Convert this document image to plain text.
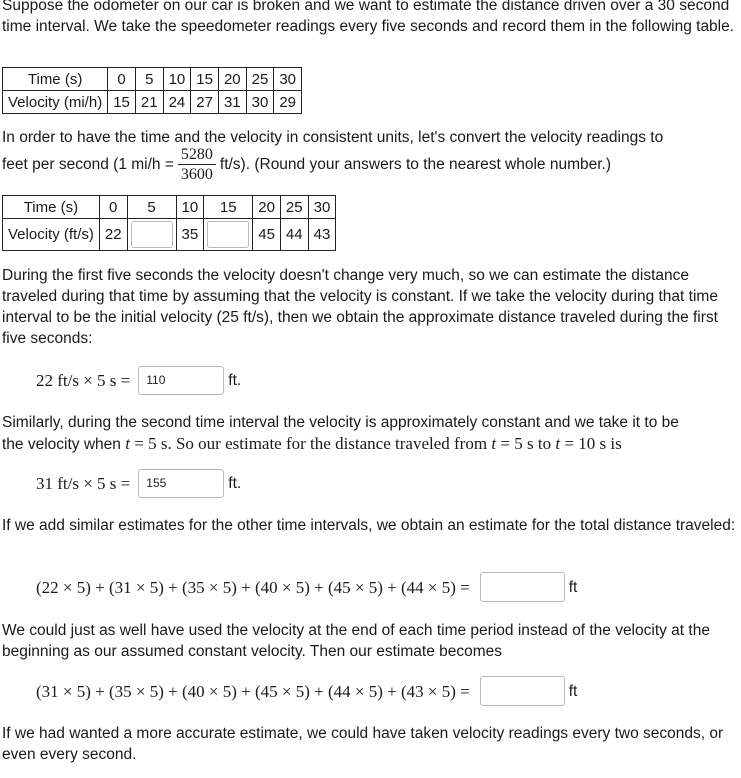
Suppose the odometer on our car is broken and we want to estimate the distance driven over a 30 second time interval. We take the speedometer readings every five seconds and record them in the following table.
Time (s)	0	5	10	15	20	25	30
Velocity (mi/h)	15	21	24	27	31	30	29
In order to have the time and the velocity in consistent units, let's convert the velocity readings to
feet per second (1 $mi/h = \frac{5280}{3600} ft/s$). (Round your answers to the nearest whole number.)
Time (s)	0	5	10	15	20	25	30
Velocity (ft/s)	22		35		45	44	43
During the first five seconds the velocity doesn't change very much, so we can estimate the distance traveled during that time by assuming that the velocity is constant. If we take the velocity during that time interval to be the initial velocity (25 ft/s), then we obtain the approximate distance traveled during the first five seconds:
22 ft/s × 5 s =	110	ft.
Similarly, during the second time interval the velocity is approximately constant and we take it to be
the velocity when t = 5 s. So our estimate for the distance traveled from t = 5 s to t = 10 s is
31 ft/s × 5 s =	155	ft.
If we add similar estimates for the other time intervals, we obtain an estimate for the total distance traveled:
(22 × 5) + (31 × 5) + (35 × 5) + (40 × 5) + (45 × 5) + (44 × 5) =	ft
We could just as well have used the velocity at the end of each time period instead of the velocity at the beginning as our assumed constant velocity. Then our estimate becomes
(31 × 5) + (35 × 5) + (40 × 5) + (45 × 5) + (44 × 5) + (43 × 5) =	ft
If we had wanted a more accurate estimate, we could have taken velocity readings every two seconds, or even every second.
